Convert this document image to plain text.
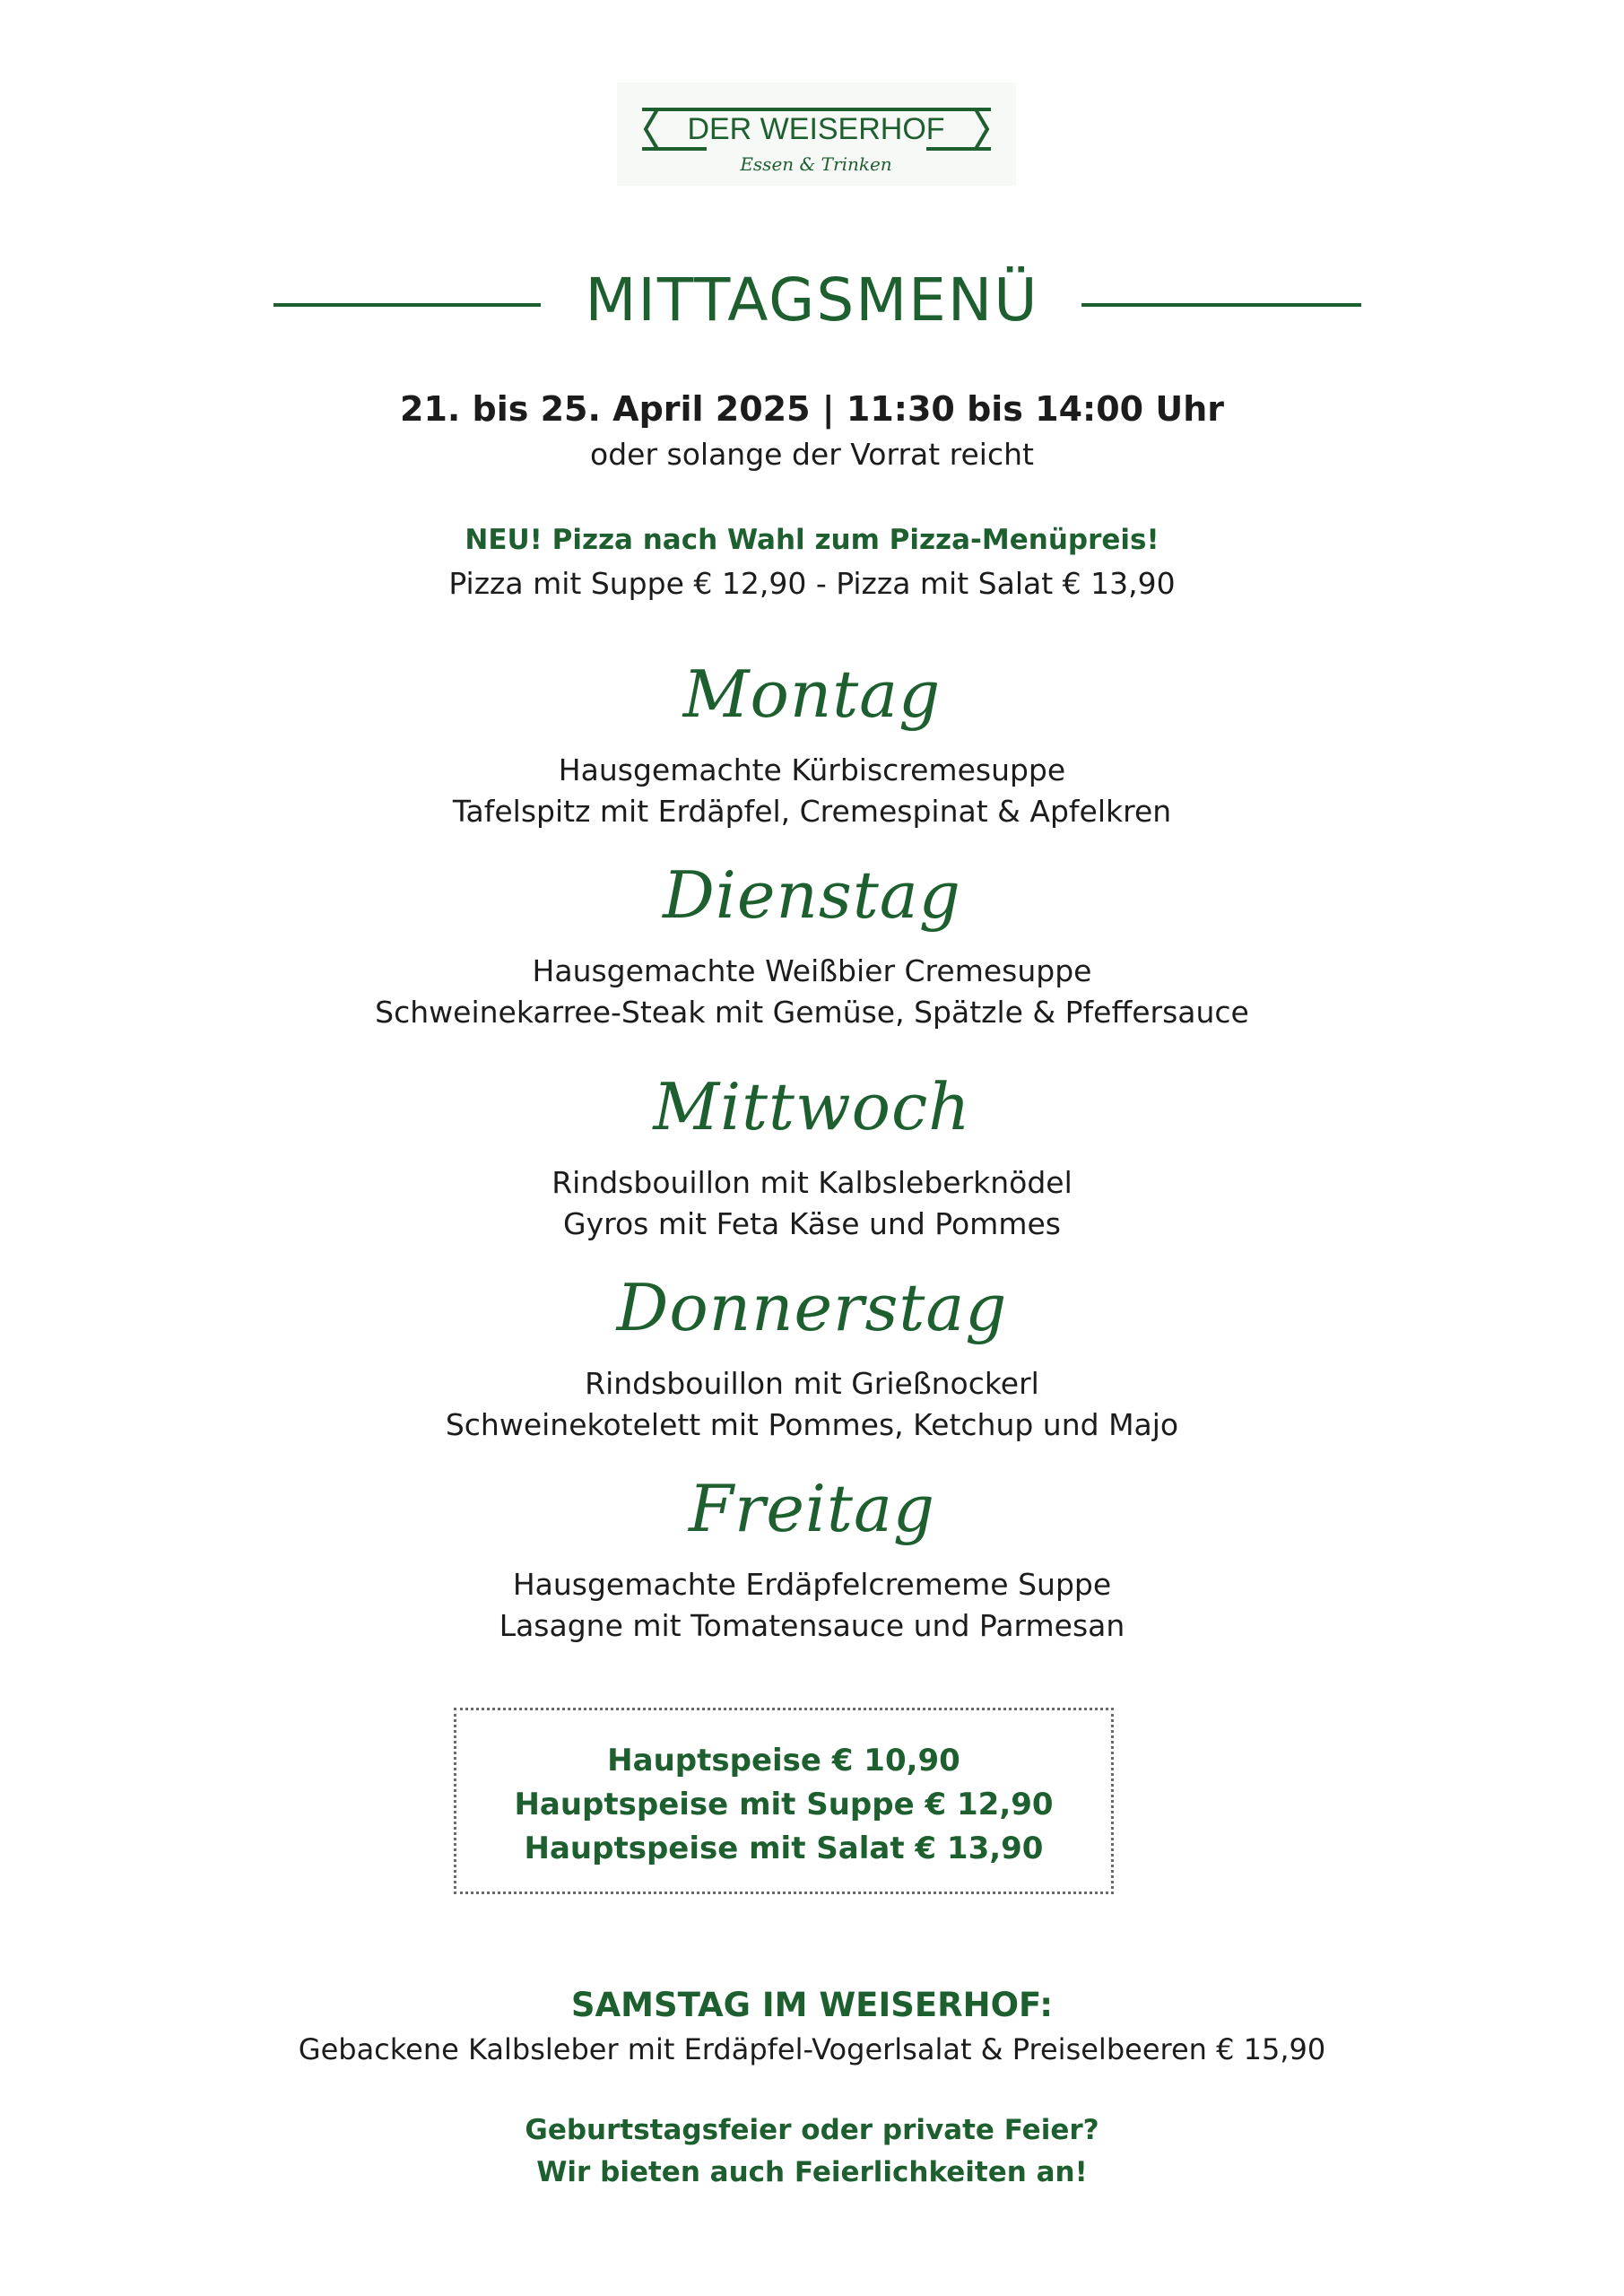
DER WEISERHOF
Essen & Trinken
MITTAGSMENÜ
21. bis 25. April 2025 | 11:30 bis 14:00 Uhr
oder solange der Vorrat reicht
NEU! Pizza nach Wahl zum Pizza-Menüpreis!
Pizza mit Suppe € 12,90 - Pizza mit Salat € 13,90
Montag
Hausgemachte Kürbiscremesuppe
Tafelspitz mit Erdäpfel, Cremespinat & Apfelkren
Dienstag
Hausgemachte Weißbier Cremesuppe
Schweinekarree-Steak mit Gemüse, Spätzle & Pfeffersauce
Mittwoch
Rindsbouillon mit Kalbsleberknödel
Gyros mit Feta Käse und Pommes
Donnerstag
Rindsbouillon mit Grießnockerl
Schweinekotelett mit Pommes, Ketchup und Majo
Freitag
Hausgemachte Erdäpfelcrememe Suppe
Lasagne mit Tomatensauce und Parmesan
Hauptspeise € 10,90
Hauptspeise mit Suppe € 12,90
Hauptspeise mit Salat € 13,90
SAMSTAG IM WEISERHOF:
Gebackene Kalbsleber mit Erdäpfel-Vogerlsalat & Preiselbeeren € 15,90
Geburtstagsfeier oder private Feier?
Wir bieten auch Feierlichkeiten an!
